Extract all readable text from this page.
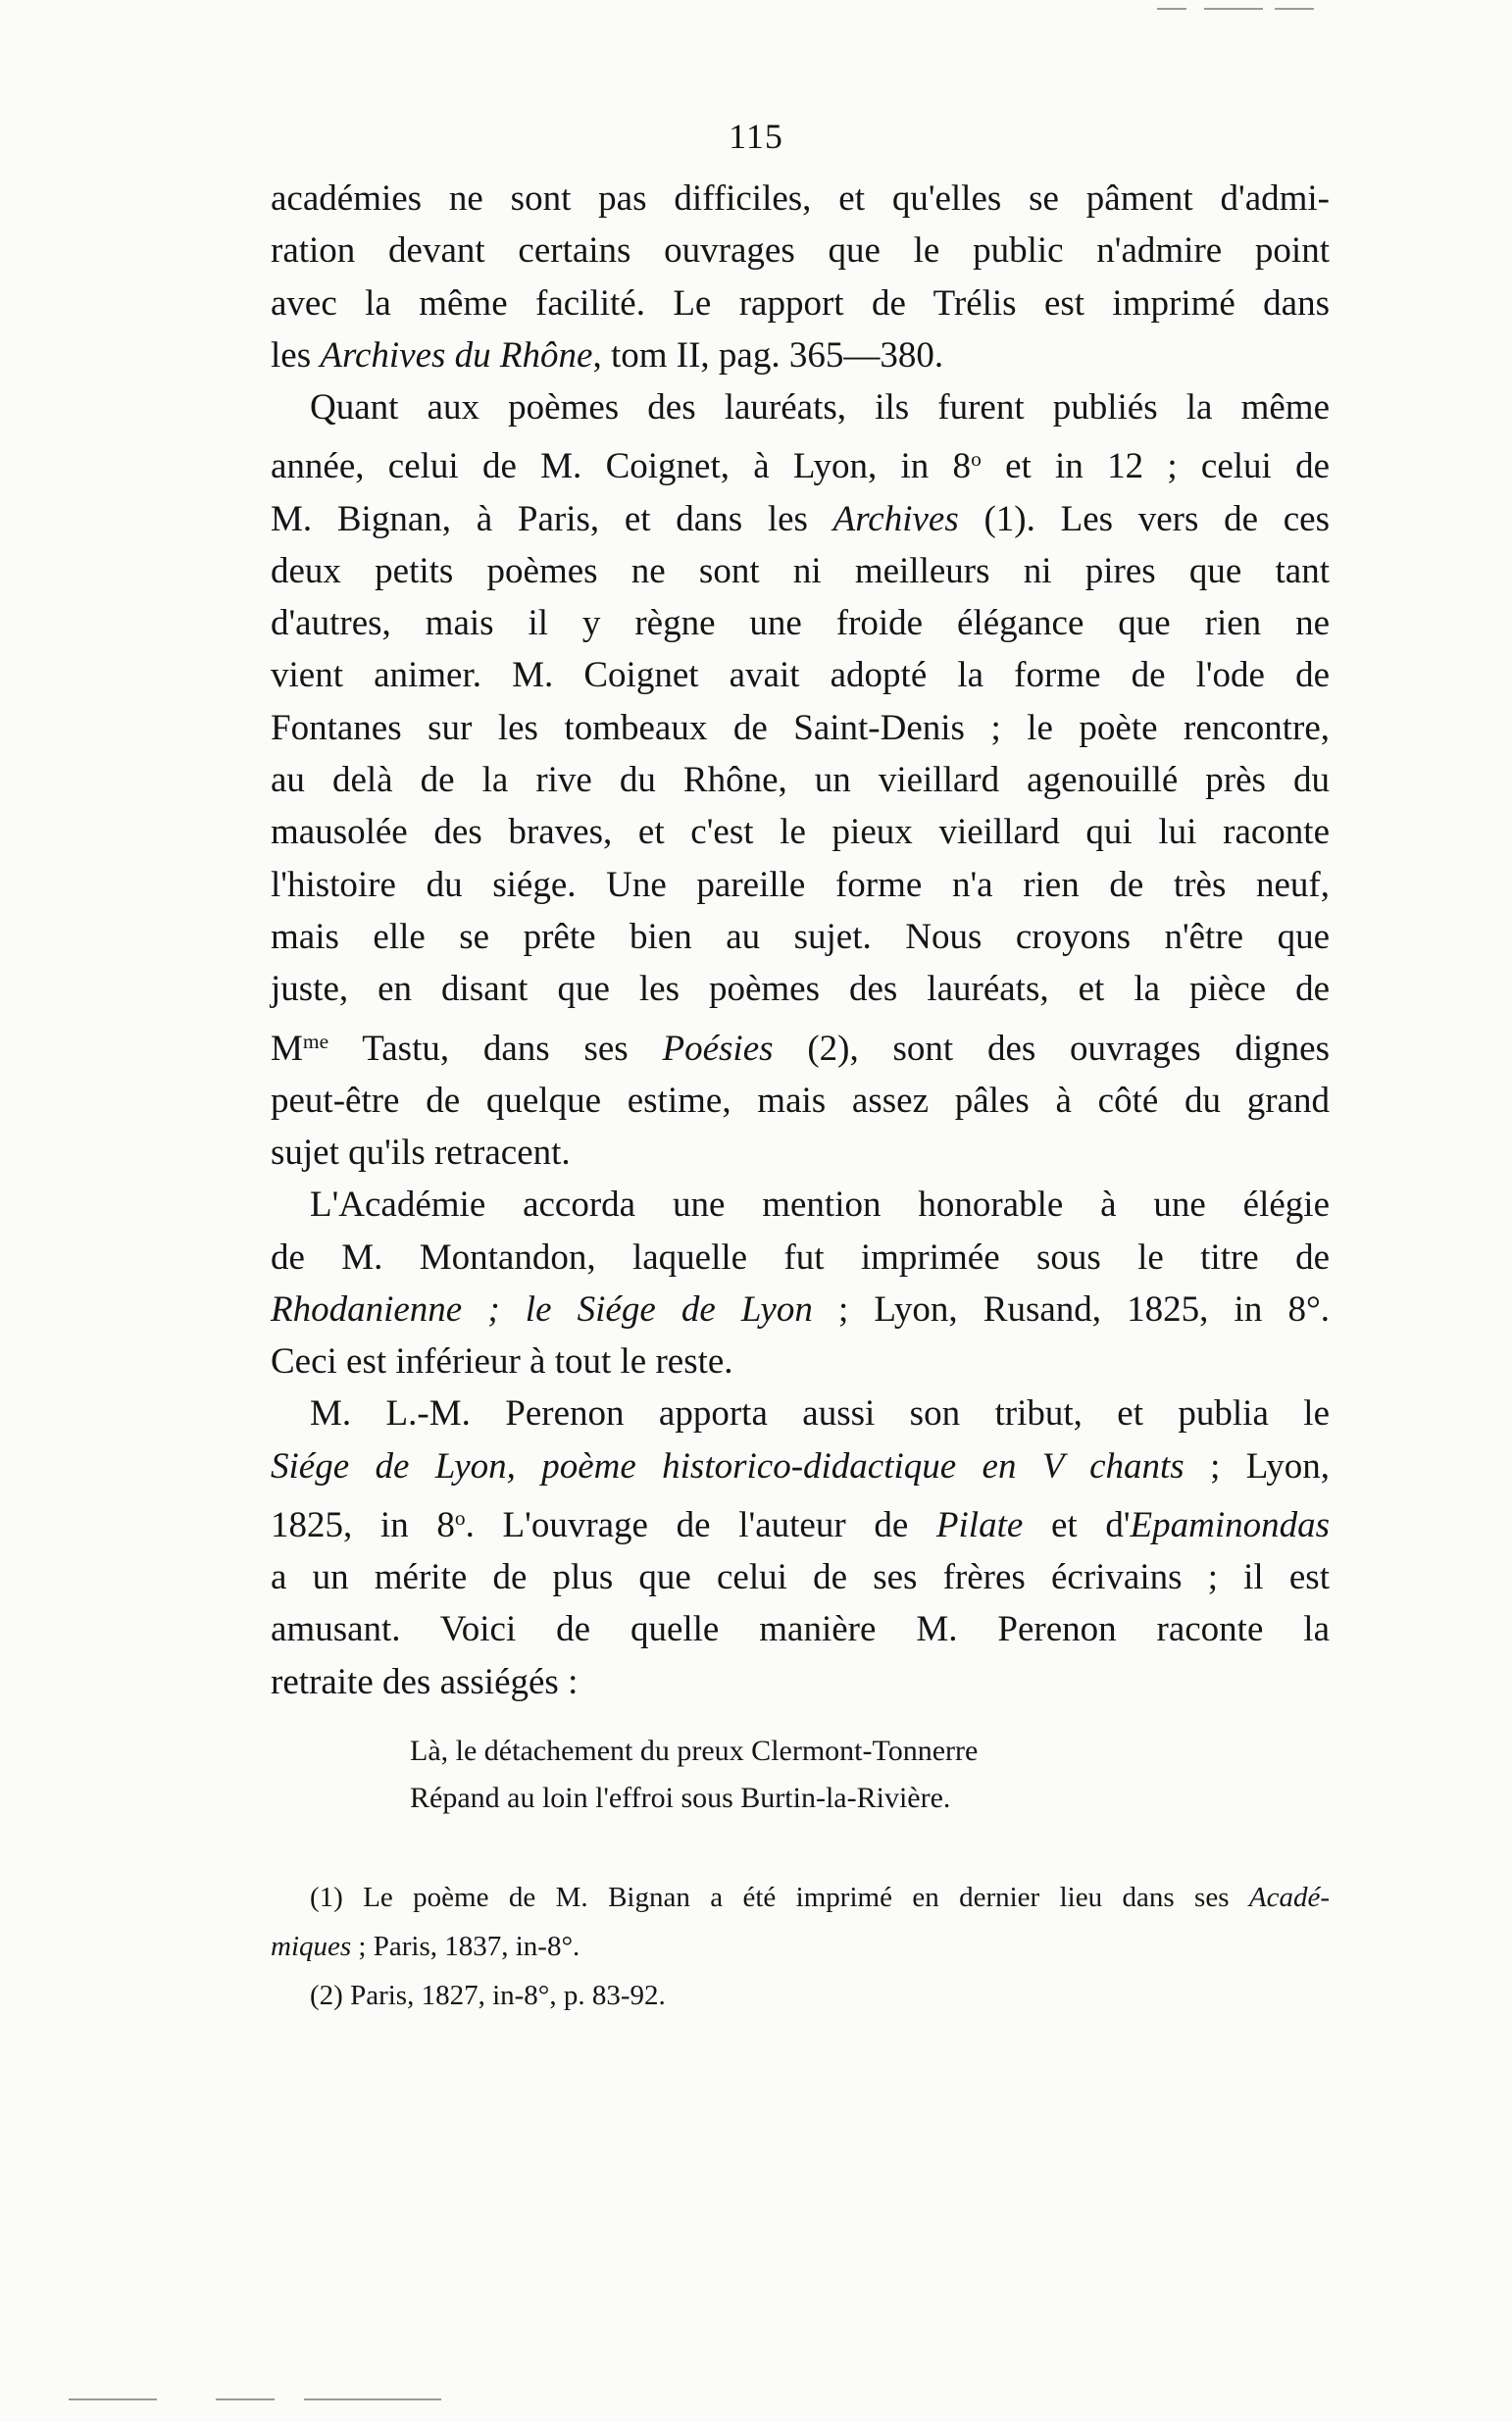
115
académies ne sont pas difficiles, et qu'elles se pâment d'admi-
ration devant certains ouvrages que le public n'admire point
avec la même facilité. Le rapport de Trélis est imprimé dans
les Archives du Rhône, tom II, pag. 365—380.
Quant aux poèmes des lauréats, ils furent publiés la même
année, celui de M. Coignet, à Lyon, in 8$^o$ et in 12 ; celui de
M. Bignan, à Paris, et dans les Archives (1). Les vers de ces
deux petits poèmes ne sont ni meilleurs ni pires que tant
d'autres, mais il y règne une froide élégance que rien ne
vient animer. M. Coignet avait adopté la forme de l'ode de
Fontanes sur les tombeaux de Saint-Denis ; le poète rencontre,
au delà de la rive du Rhône, un vieillard agenouillé près du
mausolée des braves, et c'est le pieux vieillard qui lui raconte
l'histoire du siége. Une pareille forme n'a rien de très neuf,
mais elle se prête bien au sujet. Nous croyons n'être que
juste, en disant que les poèmes des lauréats, et la pièce de
$M^{me}$ Tastu, dans ses Poésies (2), sont des ouvrages dignes
peut-être de quelque estime, mais assez pâles à côté du grand
sujet qu'ils retracent.
L'Académie accorda une mention honorable à une élégie
de M. Montandon, laquelle fut imprimée sous le titre de
Rhodanienne ; le Siége de Lyon ; Lyon, Rusand, 1825, in 8°.
Ceci est inférieur à tout le reste.
M. L.-M. Perenon apporta aussi son tribut, et publia le
Siége de Lyon, poème historico-didactique en V chants ; Lyon,
1825, in 8$^o$. L'ouvrage de l'auteur de Pilate et d'Epaminondas
a un mérite de plus que celui de ses frères écrivains ; il est
amusant. Voici de quelle manière M. Perenon raconte la
retraite des assiégés :
Là, le détachement du preux Clermont-Tonnerre
Répand au loin l'effroi sous Burtin-la-Rivière.
(1) Le poème de M. Bignan a été imprimé en dernier lieu dans ses Acadé-
miques ; Paris, 1837, in-8°.
(2) Paris, 1827, in-8°, p. 83-92.
